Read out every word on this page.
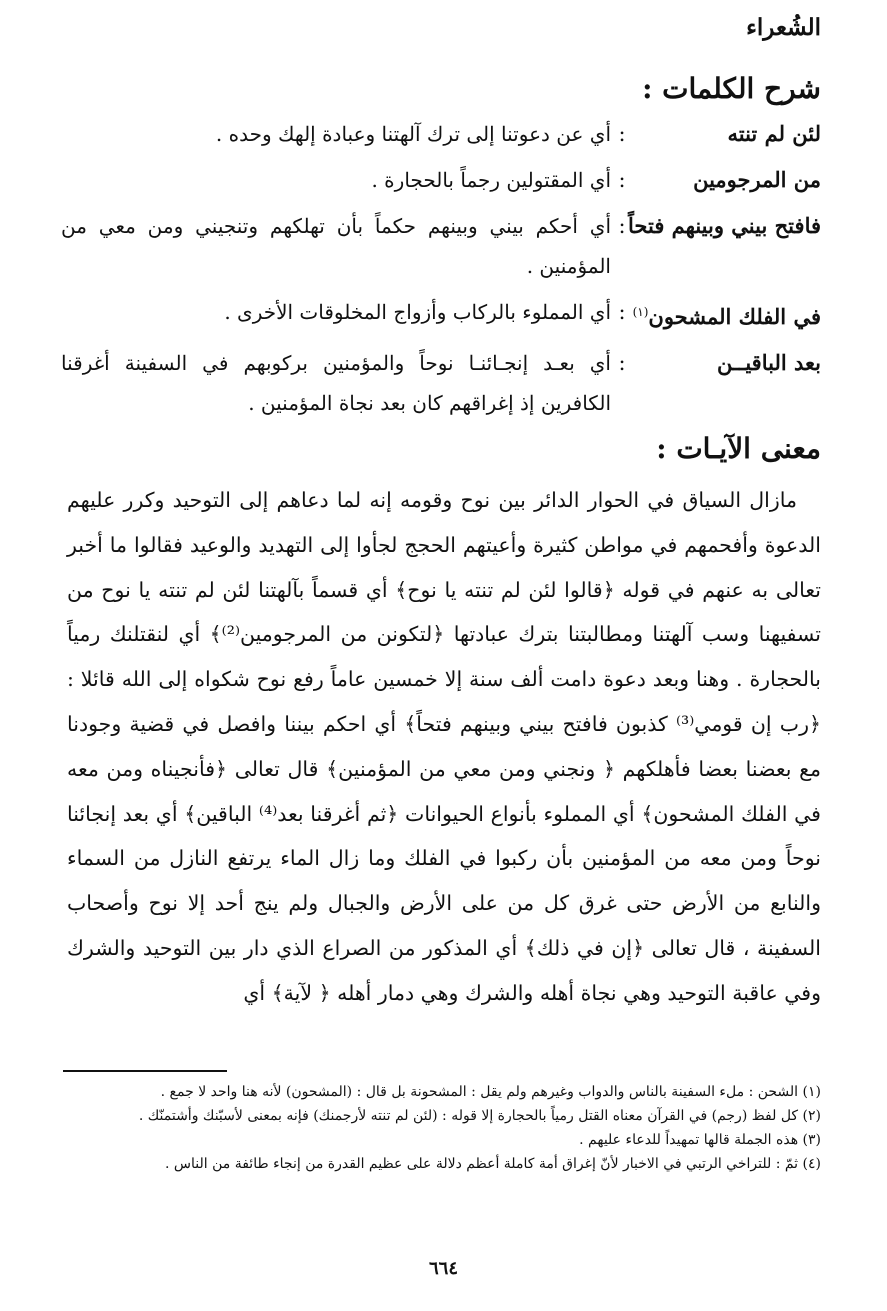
الشُعراء
شرح الكلمات :
لئن لم تنته
:
أي عن دعوتنا إلى ترك آلهتنا وعبادة إلهك وحده .
من المرجومين
:
أي المقتولين رجماً بالحجارة .
فافتح بيني وبينهم فتحاً
:
أي أحكم بيني وبينهم حكماً بأن تهلكهم وتنجيني ومن معي من المؤمنين .
في الفلك المشحون$^{(١)}$
:
أي المملوء بالركاب وأزواج المخلوقات الأخرى .
بعد الباقيــن
:
أي بعـد إنجـائنـا نوحاً والمؤمنين بركوبهم في السفينة أغرقنا الكافرين إذ إغراقهم كان بعد نجاة المؤمنين .
معنى الآيـات :
مازال السياق في الحوار الدائر بين نوح وقومه إنه لما دعاهم إلى التوحيد وكرر عليهم الدعوة وأفحمهم في مواطن كثيرة وأعيتهم الحجج لجأوا إلى التهديد والوعيد فقالوا ما أخبر تعالى به عنهم في قوله ﴿قالوا لئن لم تنته يا نوح﴾ أي قسماً بآلهتنا لئن لم تنته يا نوح من تسفيهنا وسب آلهتنا ومطالبتنا بترك عبادتها ﴿لتكونن من المرجومين⁽²⁾﴾ أي لنقتلنك رمياً بالحجارة . وهنا وبعد دعوة دامت ألف سنة إلا خمسين عاماً رفع نوح شكواه إلى الله قائلا : ﴿رب إن قومي⁽³⁾ كذبون فافتح بيني وبينهم فتحاً﴾ أي احكم بيننا وافصل في قضية وجودنا مع بعضنا بعضا فأهلكهم ﴿ ونجني ومن معي من المؤمنين﴾ قال تعالى ﴿فأنجيناه ومن معه في الفلك المشحون﴾ أي المملوء بأنواع الحيوانات ﴿ثم أغرقنا بعد⁽⁴⁾ الباقين﴾ أي بعد إنجائنا نوحاً ومن معه من المؤمنين بأن ركبوا في الفلك وما زال الماء يرتفع النازل من السماء والنابع من الأرض حتى غرق كل من على الأرض والجبال ولم ينج أحد إلا نوح وأصحاب السفينة ، قال تعالى ﴿إن في ذلك﴾ أي المذكور من الصراع الذي دار بين التوحيد والشرك وفي عاقبة التوحيد وهي نجاة أهله والشرك وهي دمار أهله ﴿ لآية﴾ أي
(١) الشحن : ملء السفينة بالناس والدواب وغيرهم ولم يقل : المشحونة بل قال : (المشحون) لأنه هنا واحد لا جمع .
(٢) كل لفظ (رجم) في القرآن معناه القتل رمياً بالحجارة إلا قوله : (لئن لم تنته لأرجمنك) فإنه بمعنى لأسبّنك وأشتمنّك .
(٣) هذه الجملة قالها تمهيداً للدعاء عليهم .
(٤) ثمّ : للتراخي الرتبي في الاخبار لأنّ إغراق أمة كاملة أعظم دلالة على عظيم القدرة من إنجاء طائفة من الناس .
٦٦٤
